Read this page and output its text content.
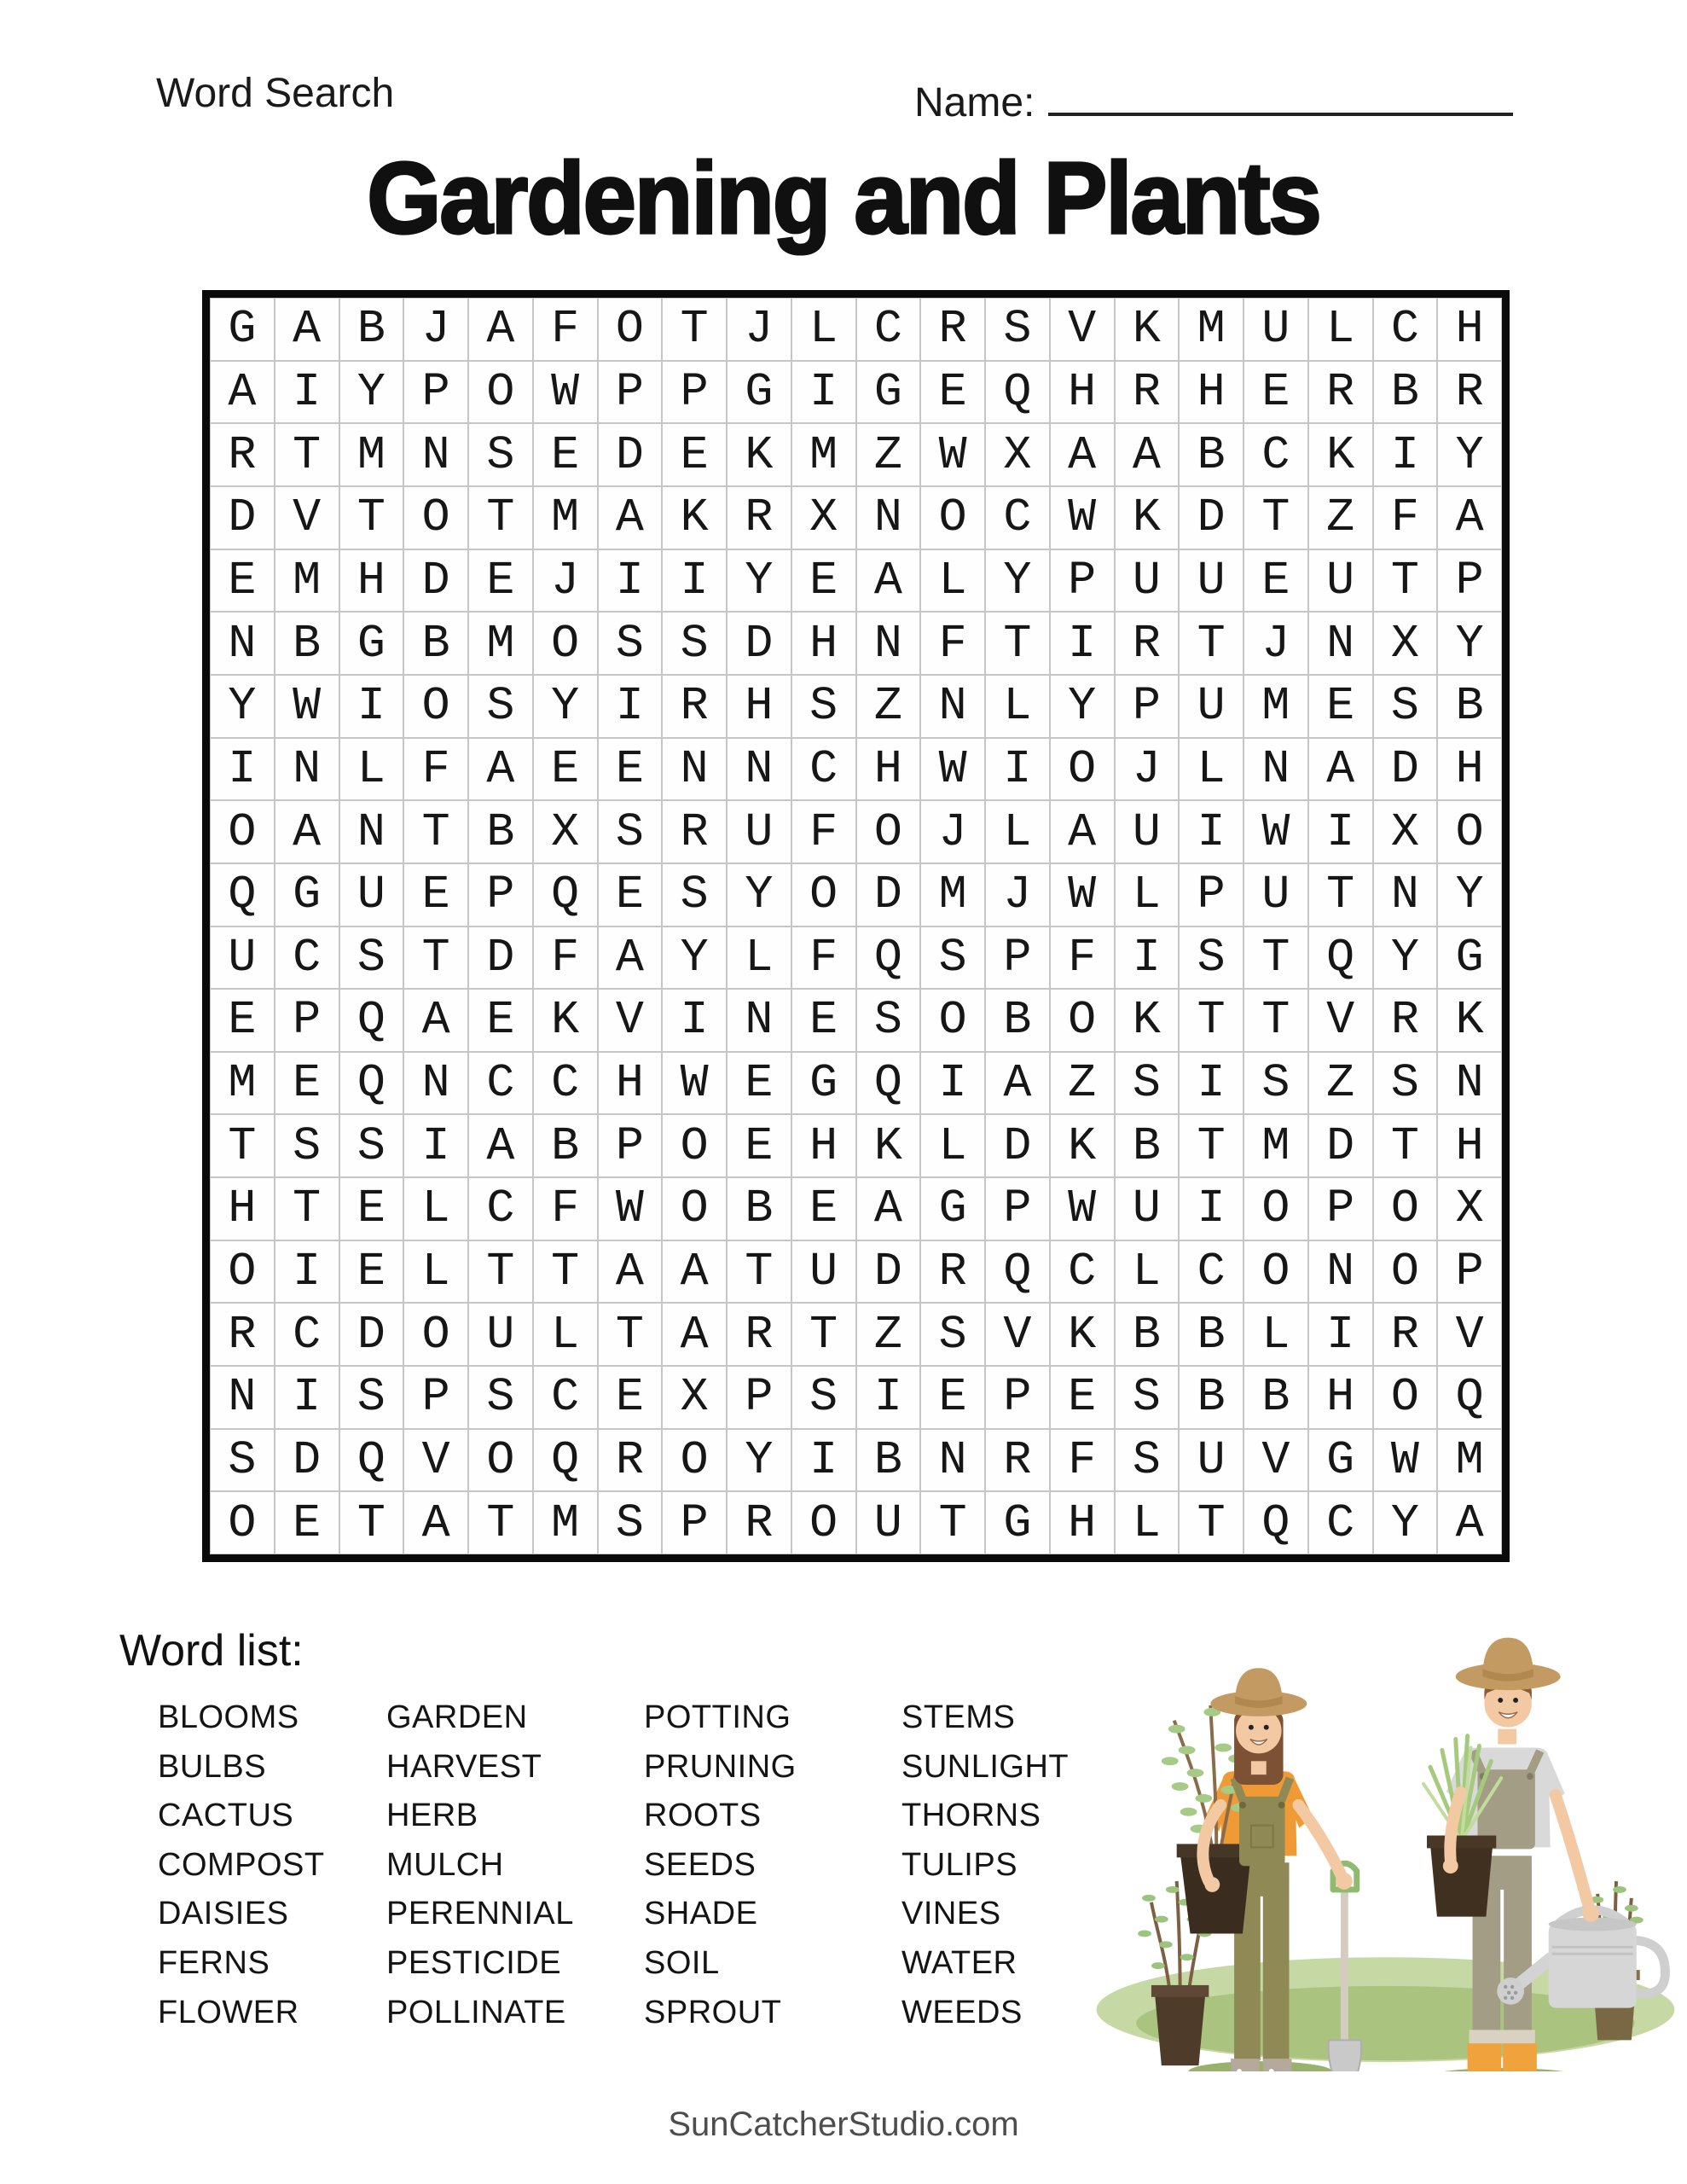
Word Search	Name:
Gardening and Plants
G A B J A F O T J L C R S V K M U L C H
A I Y P O W P P G I G E Q H R H E R B R
R T M N S E D E K M Z W X A A B C K I Y
D V T O T M A K R X N O C W K D T Z F A
E M H D E J I I Y E A L Y P U U E U T P
N B G B M O S S D H N F T I R T J N X Y
Y W I O S Y I R H S Z N L Y P U M E S B
I N L F A E E N N C H W I O J L N A D H
O A N T B X S R U F O J L A U I W I X O
Q G U E P Q E S Y O D M J W L P U T N Y
U C S T D F A Y L F Q S P F I S T Q Y G
E P Q A E K V I N E S O B O K T T V R K
M E Q N C C H W E G Q I A Z S I S Z S N
T S S I A B P O E H K L D K B T M D T H
H T E L C F W O B E A G P W U I O P O X
O I E L T T A A T U D R Q C L C O N O P
R C D O U L T A R T Z S V K B B L I R V
N I S P S C E X P S I E P E S B B H O Q
S D Q V O Q R O Y I B N R F S U V G W M
O E T A T M S P R O U T G H L T Q C Y A
Word list:
BLOOMS
BULBS
CACTUS
COMPOST
DAISIES
FERNS
FLOWER
GARDEN
HARVEST
HERB
MULCH
PERENNIAL
PESTICIDE
POLLINATE
POTTING
PRUNING
ROOTS
SEEDS
SHADE
SOIL
SPROUT
STEMS
SUNLIGHT
THORNS
TULIPS
VINES
WATER
WEEDS
SunCatcherStudio.com
